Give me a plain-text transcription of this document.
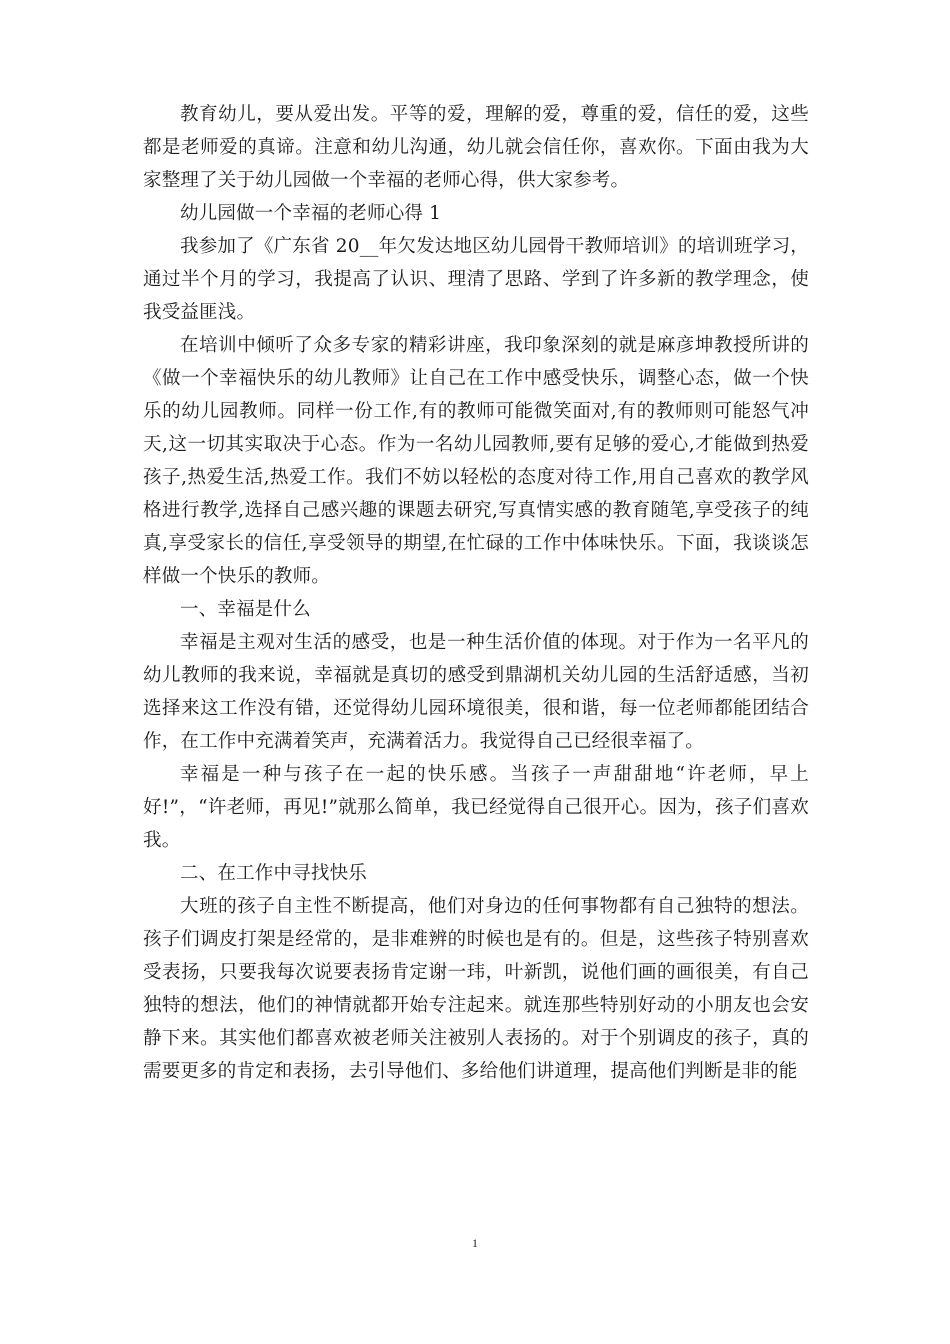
教育幼儿，要从爱出发。平等的爱，理解的爱，尊重的爱，信任的爱，这些都是老师爱的真谛。注意和幼儿沟通，幼儿就会信任你，喜欢你。下面由我为大家整理了关于幼儿园做一个幸福的老师心得，供大家参考。

幼儿园做一个幸福的老师心得 1

我参加了《广东省 20__年欠发达地区幼儿园骨干教师培训》的培训班学习，通过半个月的学习，我提高了认识、理清了思路、学到了许多新的教学理念，使我受益匪浅。

在培训中倾听了众多专家的精彩讲座，我印象深刻的就是麻彦坤教授所讲的《做一个幸福快乐的幼儿教师》让自己在工作中感受快乐，调整心态，做一个快乐的幼儿园教师。同样一份工作,有的教师可能微笑面对,有的教师则可能怒气冲天,这一切其实取决于心态。作为一名幼儿园教师,要有足够的爱心,才能做到热爱孩子,热爱生活,热爱工作。我们不妨以轻松的态度对待工作,用自己喜欢的教学风格进行教学,选择自己感兴趣的课题去研究,写真情实感的教育随笔,享受孩子的纯真,享受家长的信任,享受领导的期望,在忙碌的工作中体味快乐。下面，我谈谈怎样做一个快乐的教师。

一、幸福是什么

幸福是主观对生活的感受，也是一种生活价值的体现。对于作为一名平凡的幼儿教师的我来说，幸福就是真切的感受到鼎湖机关幼儿园的生活舒适感，当初选择来这工作没有错，还觉得幼儿园环境很美，很和谐，每一位老师都能团结合作，在工作中充满着笑声，充满着活力。我觉得自己已经很幸福了。

幸福是一种与孩子在一起的快乐感。当孩子一声甜甜地“许老师，早上好!”，“许老师，再见!”就那么简单，我已经觉得自己很开心。因为，孩子们喜欢我。

二、在工作中寻找快乐

大班的孩子自主性不断提高，他们对身边的任何事物都有自己独特的想法。孩子们调皮打架是经常的，是非难辨的时候也是有的。但是，这些孩子特别喜欢受表扬，只要我每次说要表扬肯定谢一玮，叶新凯，说他们画的画很美，有自己独特的想法，他们的神情就都开始专注起来。就连那些特别好动的小朋友也会安静下来。其实他们都喜欢被老师关注被别人表扬的。对于个别调皮的孩子，真的需要更多的肯定和表扬，去引导他们、多给他们讲道理，提高他们判断是非的能

1
